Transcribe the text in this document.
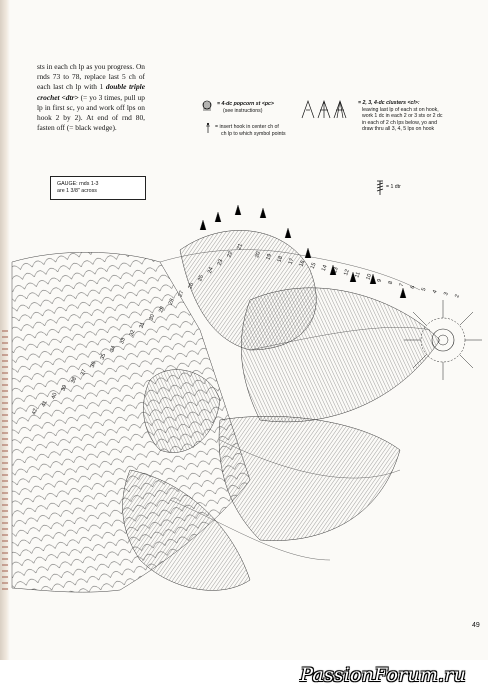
sts in each ch lp as you progress. On rnds 73 to 78, replace last 5 ch of each last ch lp with 1 double triple crochet <dtr> (= yo 3 times, pull up lp in first sc, yo and work off lps on hook 2 by 2). At end of rnd 80, fasten off (= black wedge).
GAUGE: rnds 1-3
are 1 3/8" across
= 4-dc popcorn st <pc>
(see instructions)
= insert hook in center ch of
ch lp to which symbol points
= 2, 3, 4-dc clusters <cl>:
leaving last lp of each st on hook,
work 1 dc in each 2 or 3 sts or 2 dc
in each of 2 ch lps below, yo and
draw thru all 3, 4, 5 lps on hook
= 1 dtr
2
3
4
5
6
7
8
9
10
11
12
13
14
15
16
17
18
19
20
21
22
23
24
25
26
27
28
29
30
31
32
33
34
35
36
37
38
39
40
41
42
49
PassionForum.ru
